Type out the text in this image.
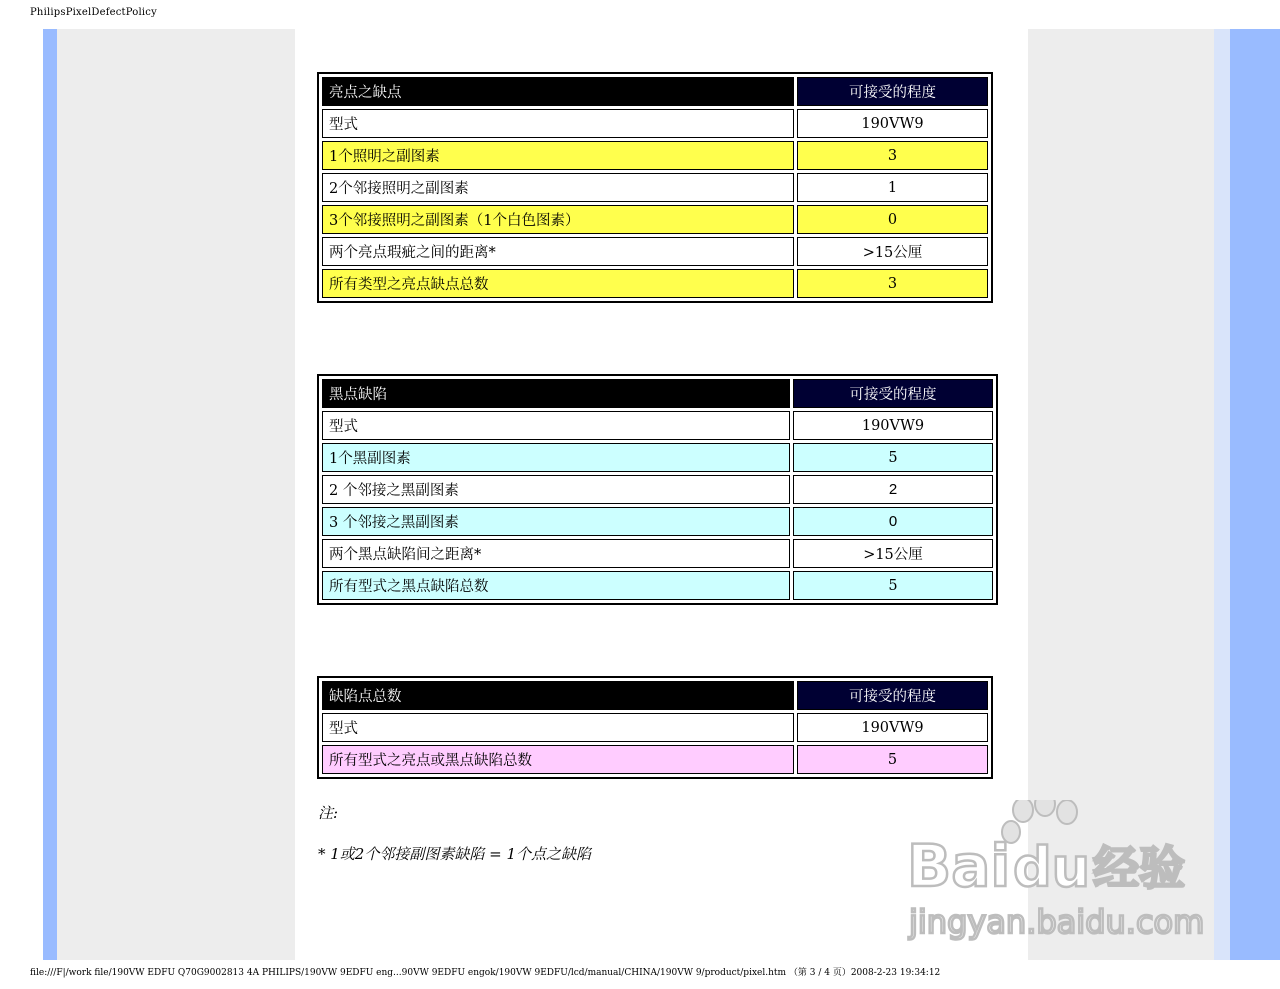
PhilipsPixelDefectPolicy
亮点之缺点	可接受的程度
型式	190VW9
1个照明之副图素	3
2个邻接照明之副图素	1
3个邻接照明之副图素（1个白色图素）	0
两个亮点瑕疵之间的距离*	>15公厘
所有类型之亮点缺点总数	3
黑点缺陷	可接受的程度
型式	190VW9
1个黑副图素	5
2 个邻接之黑副图素	2
3 个邻接之黑副图素	0
两个黑点缺陷间之距离*	>15公厘
所有型式之黑点缺陷总数	5
缺陷点总数	可接受的程度
型式	190VW9
所有型式之亮点或黑点缺陷总数	5
注:
* 1或2个邻接副图素缺陷 = 1个点之缺陷	Bai du 经验
jingyan.baidu.com
file:///F|/work file/190VW EDFU Q70G9002813 4A PHILIPS/190VW 9EDFU eng...90VW 9EDFU engok/190VW 9EDFU/lcd/manual/CHINA/190VW 9/product/pixel.htm （第 3 / 4 页）2008-2-23 19:34:12
